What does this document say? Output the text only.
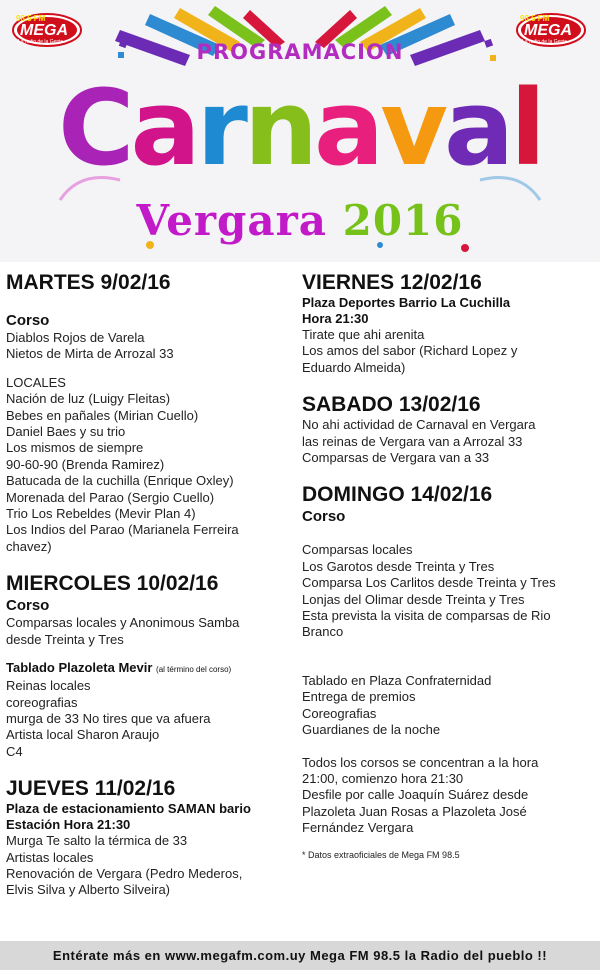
98.5 FM
MEGA
La radio de la Gente
98.5 FM
MEGA
La radio de la Gente
PROGRAMACION
Carnaval
Vergara 2016
MARTES 9/02/16
Corso
Diablos Rojos de Varela
Nietos de Mirta de Arrozal 33
LOCALES
Nación de luz (Luigy Fleitas)
Bebes en pañales (Mirian Cuello)
Daniel Baes y su trio
Los mismos de siempre
90-60-90 (Brenda Ramirez)
Batucada de la cuchilla (Enrique Oxley)
Morenada del Parao (Sergio Cuello)
Trio Los Rebeldes (Mevir Plan 4)
Los Indios del Parao (Marianela Ferreira
chavez)
MIERCOLES 10/02/16
Corso
Comparsas locales y Anonimous Samba
desde Treinta y Tres
Tablado Plazoleta Mevir (al término del corso)
Reinas locales
coreografias
murga de 33 No tires que va afuera
Artista local Sharon Araujo
C4
JUEVES 11/02/16
Plaza de estacionamiento SAMAN bario
Estación Hora 21:30
Murga Te salto la térmica de 33
Artistas locales
Renovación de Vergara (Pedro Mederos,
Elvis Silva y Alberto Silveira)
VIERNES 12/02/16
Plaza Deportes Barrio La Cuchilla
Hora 21:30
Tirate que ahi arenita
Los amos del sabor (Richard Lopez y
Eduardo Almeida)
SABADO 13/02/16
No ahi actividad de Carnaval en Vergara
las reinas de Vergara van a Arrozal 33
Comparsas de Vergara van a 33
DOMINGO 14/02/16
Corso
Comparsas locales
Los Garotos desde Treinta y Tres
Comparsa Los Carlitos desde Treinta y Tres
Lonjas del Olimar desde Treinta y Tres
Esta prevista la visita de comparsas de Rio
Branco
Tablado en Plaza Confraternidad
Entrega de premios
Coreografias
Guardianes de la noche
Todos los corsos se concentran a la hora
21:00, comienzo hora 21:30
Desfile por calle Joaquín Suárez desde
Plazoleta Juan Rosas a Plazoleta José
Fernández Vergara
* Datos extraoficiales de Mega FM 98.5
Entérate más en www.megafm.com.uy Mega FM 98.5 la Radio del pueblo !!
